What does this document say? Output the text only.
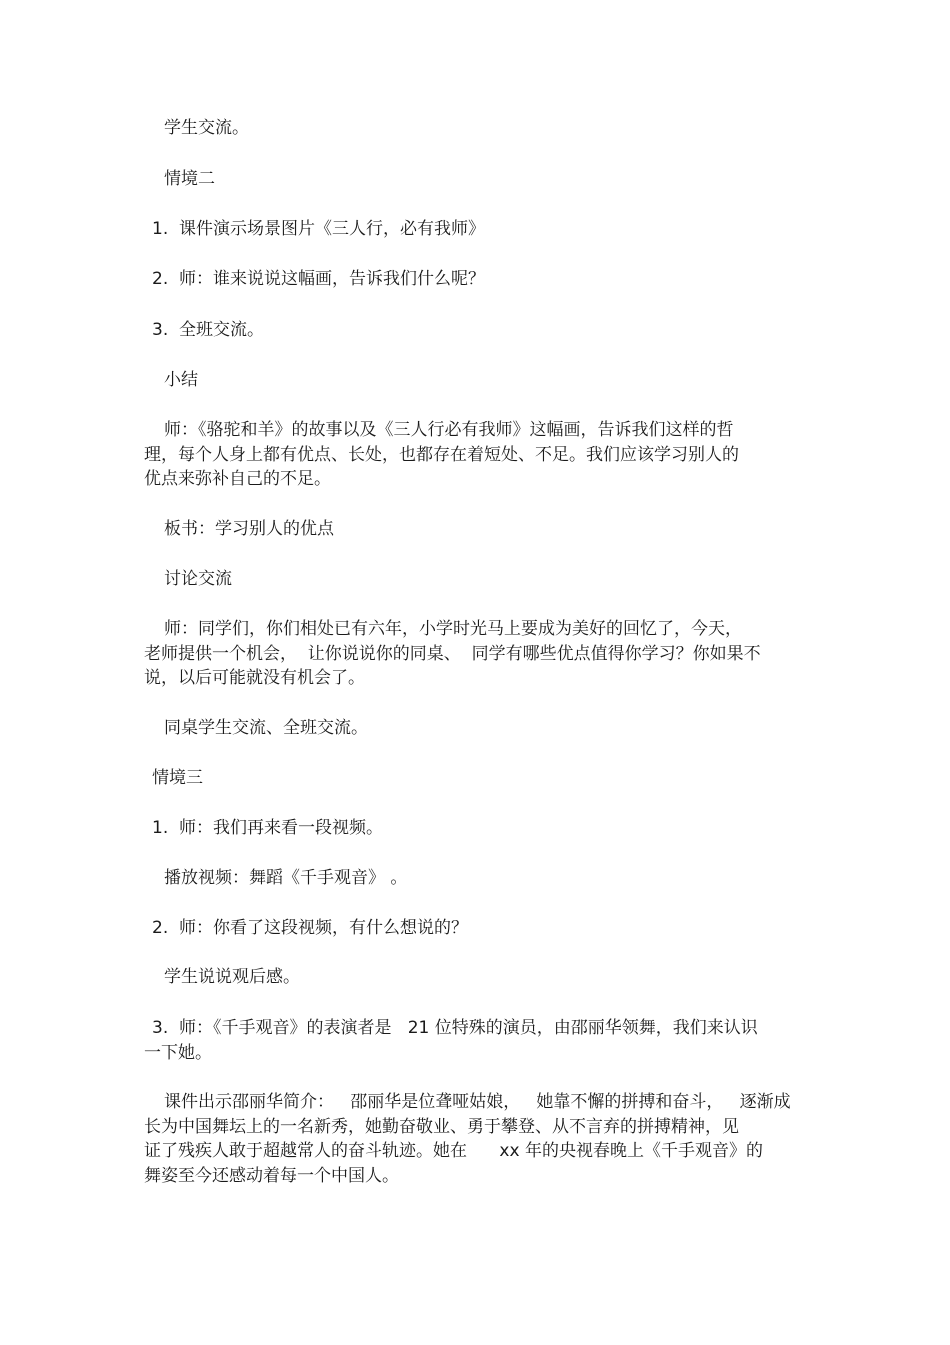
学生交流。
情境二
1.  课件演示场景图片《三人行，必有我师》
2.  师：谁来说说这幅画，告诉我们什么呢？
3.  全班交流。
小结
师：《骆驼和羊》的故事以及《三人行必有我师》这幅画，告诉我们这样的哲
理，每个人身上都有优点、长处，也都存在着短处、不足。我们应该学习别人的
优点来弥补自己的不足。
板书：学习别人的优点
讨论交流
师：同学们，你们相处已有六年，小学时光马上要成为美好的回忆了，今天，
老师提供一个机会，  让你说说你的同桌、  同学有哪些优点值得你学习？你如果不
说，以后可能就没有机会了。
同桌学生交流、全班交流。
情境三
1.  师：我们再来看一段视频。
播放视频：舞蹈《千手观音》 。
2.  师：你看了这段视频，有什么想说的？
学生说说观后感。
3.  师：《千手观音》的表演者是   21 位特殊的演员，由邵丽华领舞，我们来认识
一下她。
课件出示邵丽华简介：   邵丽华是位聋哑姑娘，   她靠不懈的拼搏和奋斗，   逐渐成
长为中国舞坛上的一名新秀，她勤奋敬业、勇于攀登、从不言弃的拼搏精神，见
证了残疾人敢于超越常人的奋斗轨迹。她在      xx 年的央视春晚上《千手观音》的
舞姿至今还感动着每一个中国人。
